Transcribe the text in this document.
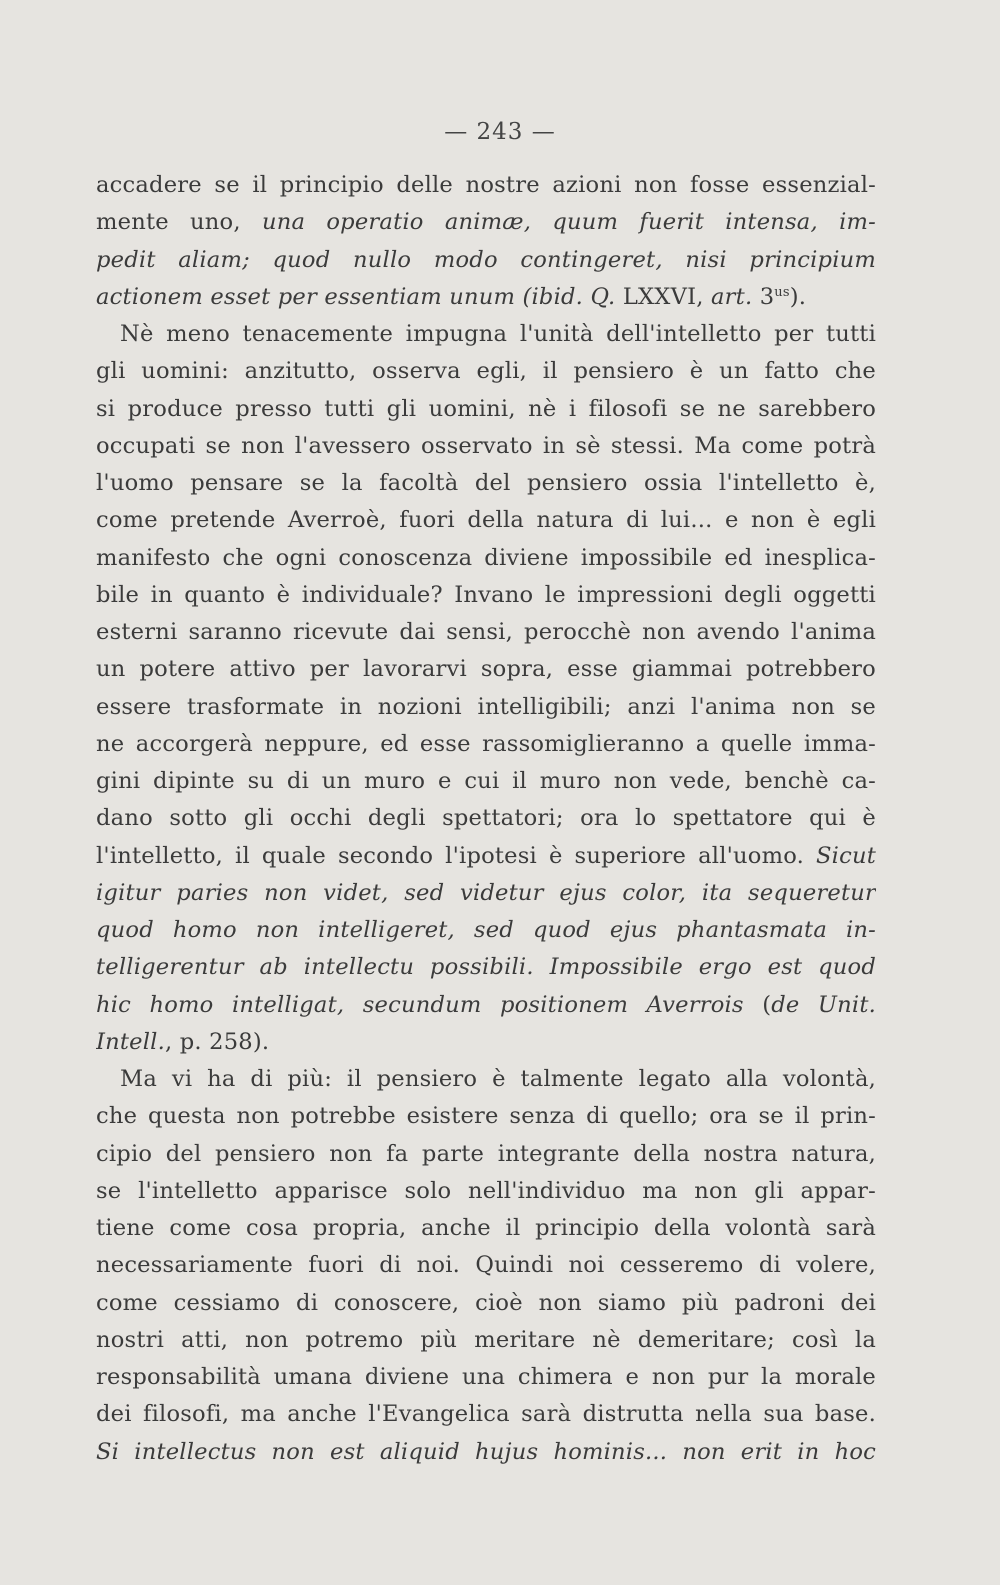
— 243 —
accadere se il principio delle nostre azioni non fosse essenzial-
mente uno, una operatio animæ, quum fuerit intensa, im-
pedit aliam; quod nullo modo contingeret, nisi principium
actionem esset per essentiam unum (ibid. Q. LXXVI, art. $3^{us}$).
Nè meno tenacemente impugna l'unità dell'intelletto per tutti
gli uomini: anzitutto, osserva egli, il pensiero è un fatto che
si produce presso tutti gli uomini, nè i filosofi se ne sarebbero
occupati se non l'avessero osservato in sè stessi. Ma come potrà
l'uomo pensare se la facoltà del pensiero ossia l'intelletto è,
come pretende Averroè, fuori della natura di lui... e non è egli
manifesto che ogni conoscenza diviene impossibile ed inesplica-
bile in quanto è individuale? Invano le impressioni degli oggetti
esterni saranno ricevute dai sensi, perocchè non avendo l'anima
un potere attivo per lavorarvi sopra, esse giammai potrebbero
essere trasformate in nozioni intelligibili; anzi l'anima non se
ne accorgerà neppure, ed esse rassomiglieranno a quelle imma-
gini dipinte su di un muro e cui il muro non vede, benchè ca-
dano sotto gli occhi degli spettatori; ora lo spettatore qui è
l'intelletto, il quale secondo l'ipotesi è superiore all'uomo. Sicut
igitur paries non videt, sed videtur ejus color, ita sequeretur
quod homo non intelligeret, sed quod ejus phantasmata in-
telligerentur ab intellectu possibili. Impossibile ergo est quod
hic homo intelligat, secundum positionem Averrois (de Unit.
Intell., p. 258).
Ma vi ha di più: il pensiero è talmente legato alla volontà,
che questa non potrebbe esistere senza di quello; ora se il prin-
cipio del pensiero non fa parte integrante della nostra natura,
se l'intelletto apparisce solo nell'individuo ma non gli appar-
tiene come cosa propria, anche il principio della volontà sarà
necessariamente fuori di noi. Quindi noi cesseremo di volere,
come cessiamo di conoscere, cioè non siamo più padroni dei
nostri atti, non potremo più meritare nè demeritare; così la
responsabilità umana diviene una chimera e non pur la morale
dei filosofi, ma anche l'Evangelica sarà distrutta nella sua base.
Si intellectus non est aliquid hujus hominis... non erit in hoc
